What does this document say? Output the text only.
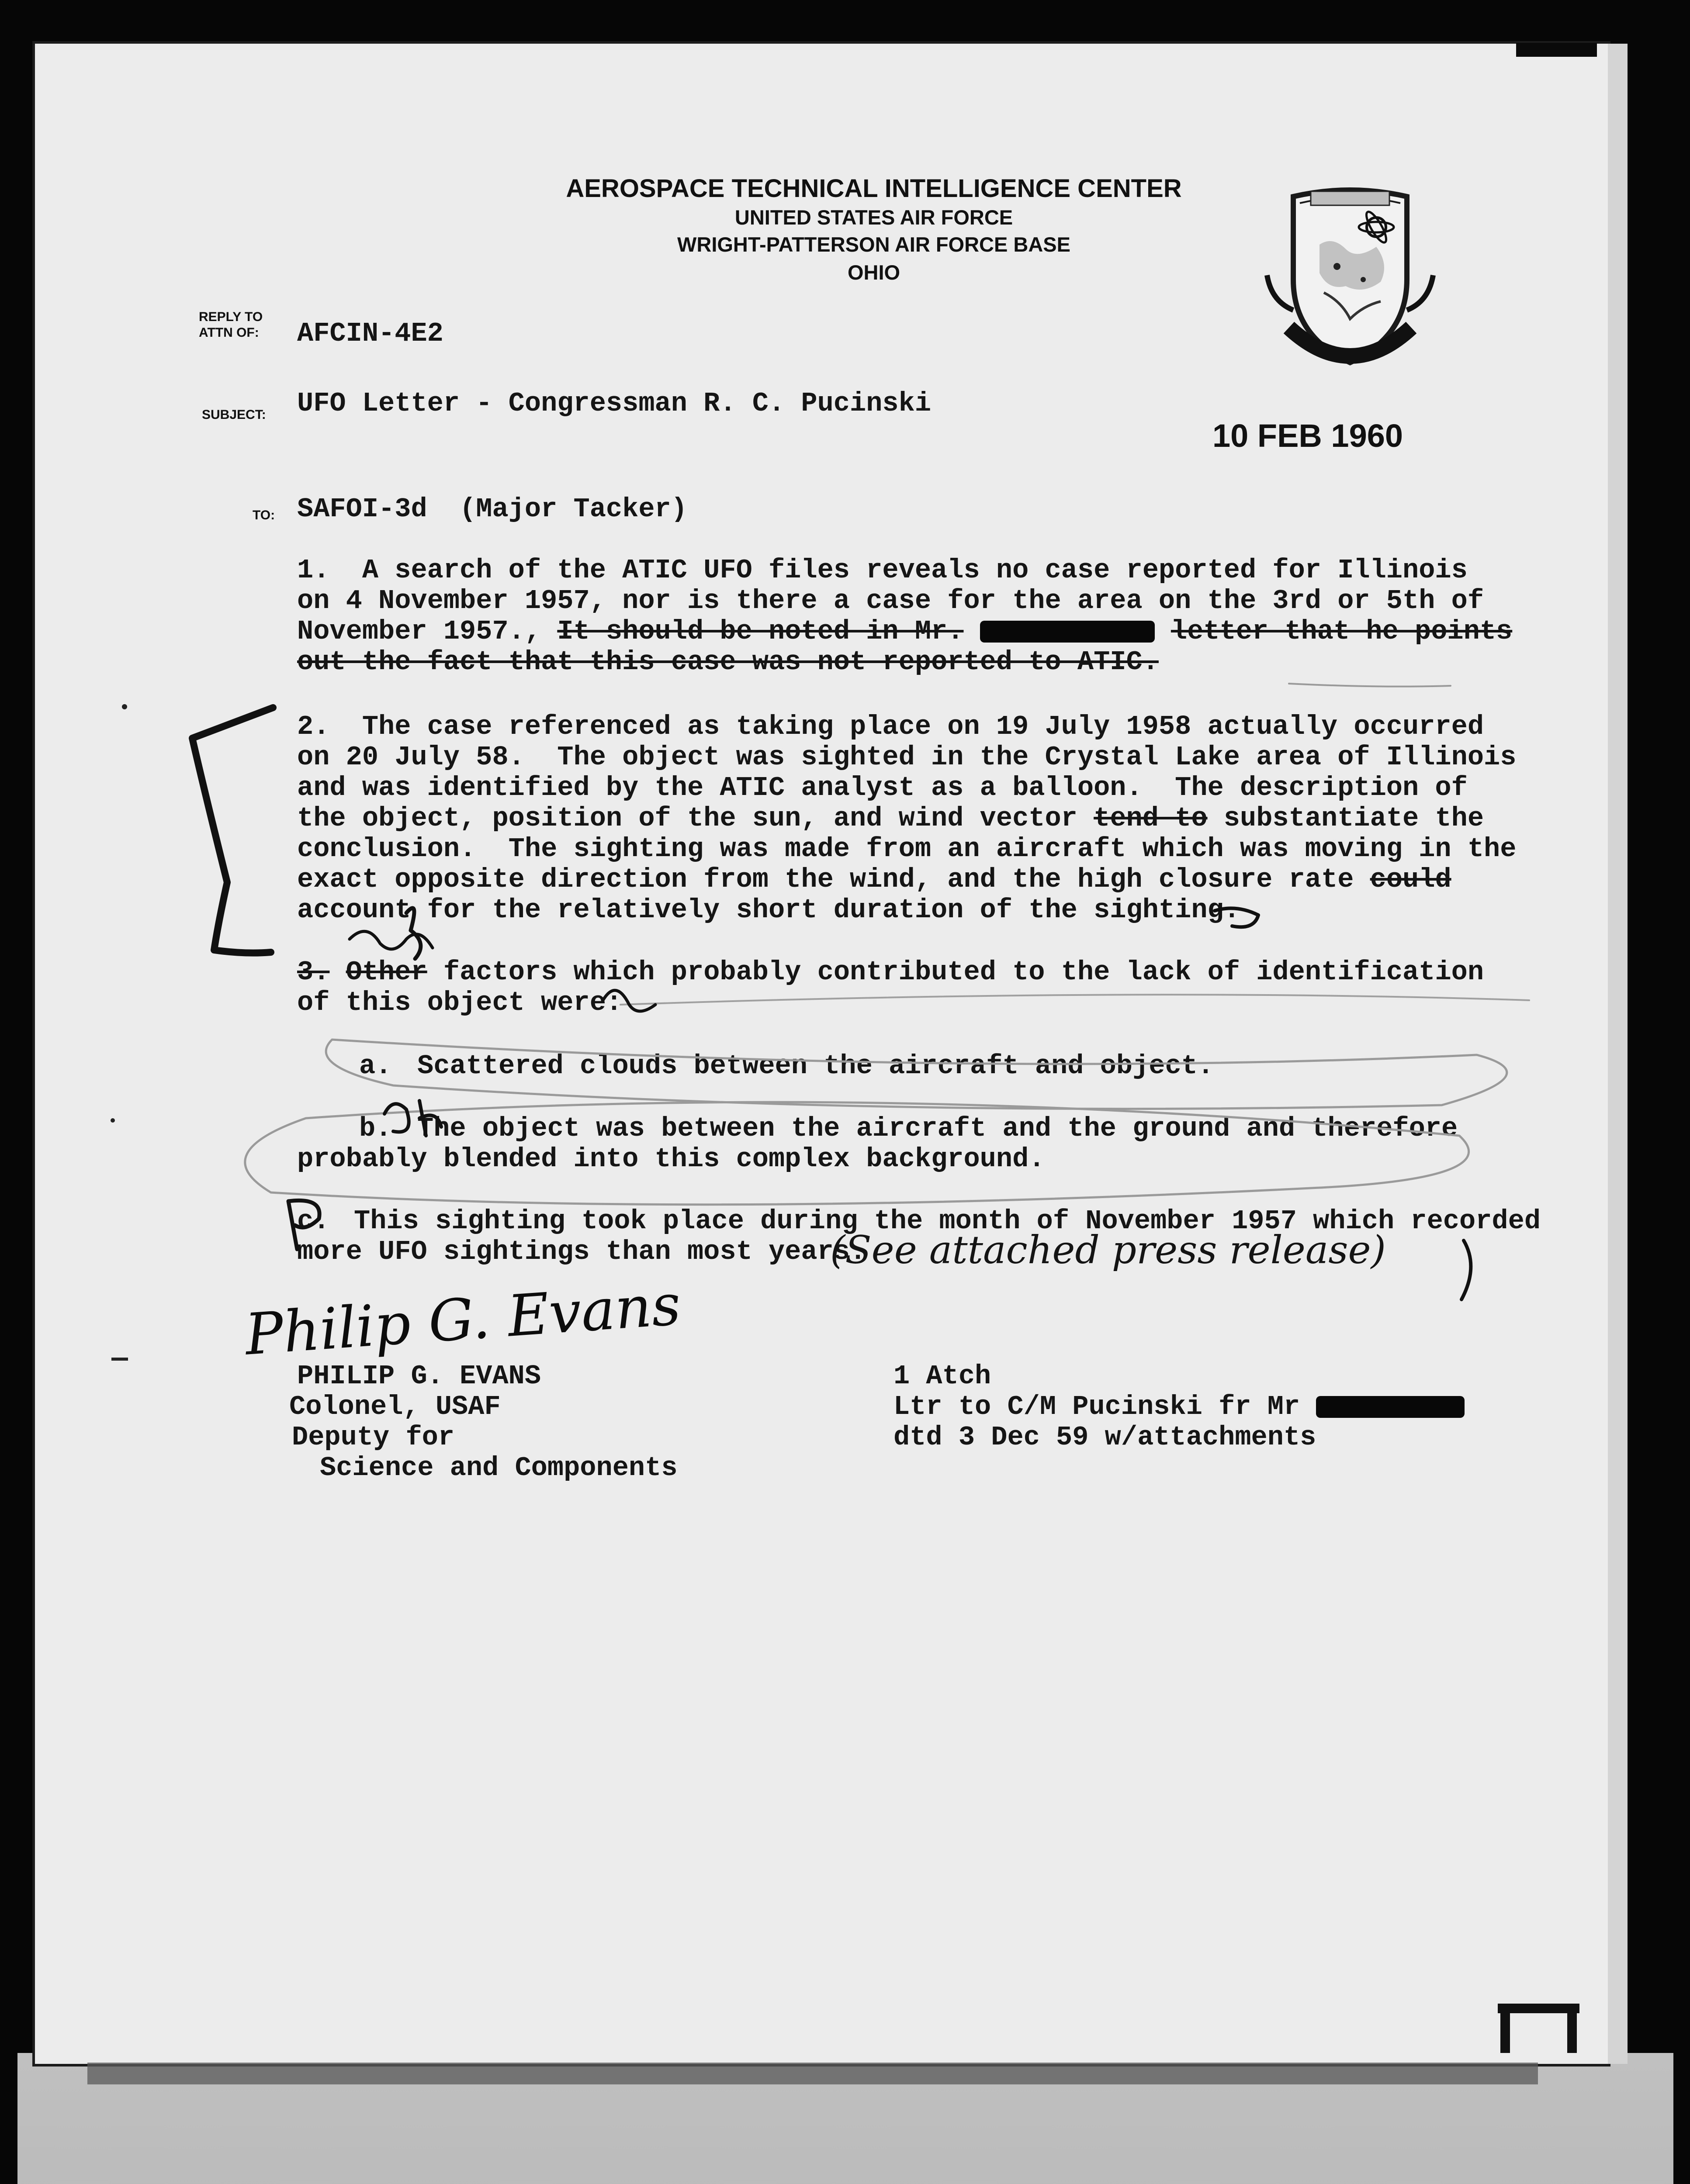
AEROSPACE TECHNICAL INTELLIGENCE CENTER
UNITED STATES AIR FORCE
WRIGHT-PATTERSON AIR FORCE BASE
OHIO
REPLY TO
ATTN OF: AFCIN-4E2
SUBJECT: UFO Letter - Congressman R. C. Pucinski
10 FEB 1960
TO: SAFOI-3d  (Major Tacker)
1.  A search of the ATIC UFO files reveals no case reported for Illinois
on 4 November 1957, nor is there a case for the area on the 3rd or 5th of
November 1957., It should be noted in Mr.	letter that he points
out the fact that this case was not reported to ATIC.
2.  The case referenced as taking place on 19 July 1958 actually occurred
on 20 July 58.  The object was sighted in the Crystal Lake area of Illinois
and was identified by the ATIC analyst as a balloon.  The description of
the object, position of the sun, and wind vector tend to substantiate the
conclusion.  The sighting was made from an aircraft which was moving in the
exact opposite direction from the wind, and the high closure rate could
account for the relatively short duration of the sighting.
3. Other factors which probably contributed to the lack of identification
of this object were:
a. Scattered clouds between the aircraft and object.
b. The object was between the aircraft and the ground and therefore
probably blended into this complex background.
c. This sighting took place during the month of November 1957 which recorded
more UFO sightings than most years.
(See attached press release)
PHILIP G. EVANS
Colonel, USAF
Deputy for
Science and Components
Philip G. Evans
1 Atch
Ltr to C/M Pucinski fr Mr
dtd 3 Dec 59 w/attachments
